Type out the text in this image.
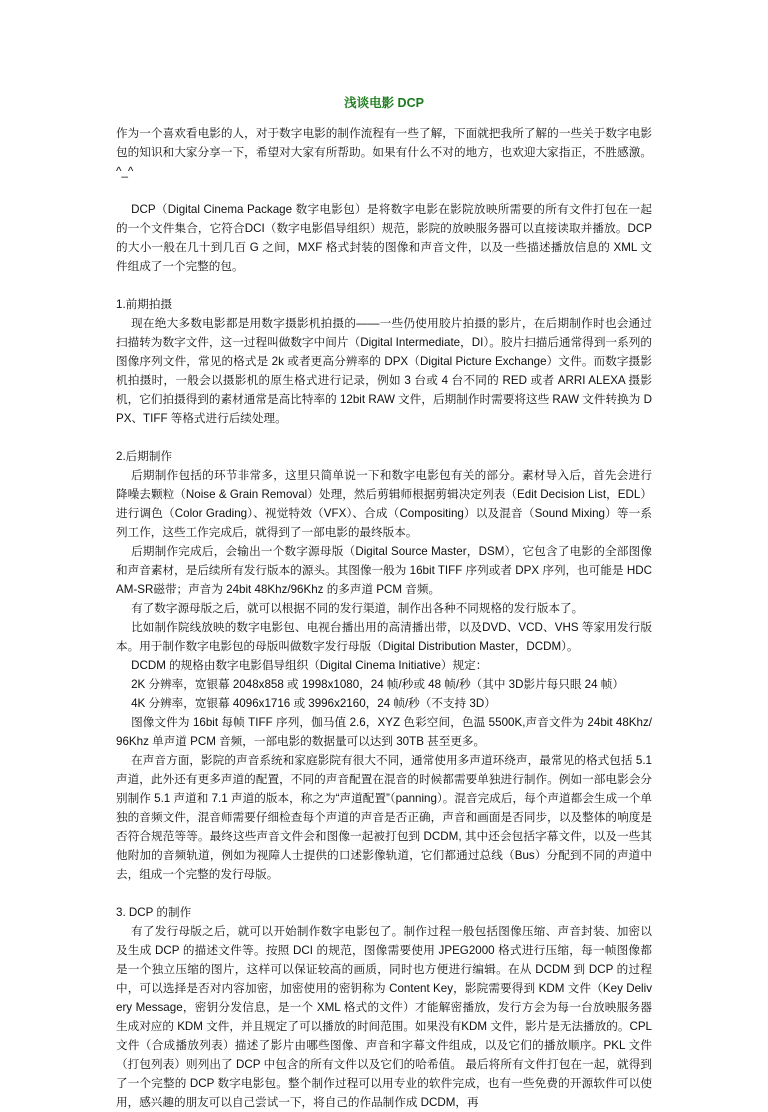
浅谈电影 DCP

作为一个喜欢看电影的人，对于数字电影的制作流程有一些了解，下面就把我所了解的一些关于数字电影包的知识和大家分享一下，希望对大家有所帮助。如果有什么不对的地方，也欢迎大家指正，不胜感激。^_^

DCP（Digital Cinema Package 数字电影包）是将数字电影在影院放映所需要的所有文件打包在一起的一个文件集合，它符合DCI（数字电影倡导组织）规范，影院的放映服务器可以直接读取并播放。DCP 的大小一般在几十到几百 G 之间，MXF 格式封装的图像和声音文件，以及一些描述播放信息的 XML 文件组成了一个完整的包。

1.前期拍摄

现在绝大多数电影都是用数字摄影机拍摄的——一些仍使用胶片拍摄的影片，在后期制作时也会通过扫描转为数字文件，这一过程叫做数字中间片（Digital Intermediate，DI）。胶片扫描后通常得到一系列的图像序列文件，常见的格式是 2k 或者更高分辨率的 DPX（Digital Picture Exchange）文件。而数字摄影机拍摄时，一般会以摄影机的原生格式进行记录，例如 3 台或 4 台不同的 RED 或者 ARRI ALEXA 摄影机，它们拍摄得到的素材通常是高比特率的 12bit RAW 文件，后期制作时需要将这些 RAW 文件转换为 DPX、TIFF 等格式进行后续处理。

2.后期制作

后期制作包括的环节非常多，这里只简单说一下和数字电影包有关的部分。素材导入后，首先会进行降噪去颗粒（Noise & Grain Removal）处理，然后剪辑师根据剪辑决定列表（Edit Decision List，EDL）进行调色（Color Grading）、视觉特效（VFX）、合成（Compositing）以及混音（Sound Mixing）等一系列工作，这些工作完成后，就得到了一部电影的最终版本。

后期制作完成后，会输出一个数字源母版（Digital Source Master，DSM），它包含了电影的全部图像和声音素材，是后续所有发行版本的源头。其图像一般为 16bit TIFF 序列或者 DPX 序列，也可能是 HDCAM-SR磁带；声音为 24bit 48Khz/96Khz 的多声道 PCM 音频。

有了数字源母版之后，就可以根据不同的发行渠道，制作出各种不同规格的发行版本了。

比如制作院线放映的数字电影包、电视台播出用的高清播出带，以及DVD、VCD、VHS 等家用发行版本。用于制作数字电影包的母版叫做数字发行母版（Digital Distribution Master，DCDM）。

DCDM 的规格由数字电影倡导组织（Digital Cinema Initiative）规定：

2K 分辨率，宽银幕 2048x858 或 1998x1080，24 帧/秒或 48 帧/秒（其中 3D影片每只眼 24 帧）

4K 分辨率，宽银幕 4096x1716 或 3996x2160，24 帧/秒（不支持 3D）

图像文件为 16bit 每帧 TIFF 序列，伽马值 2.6，XYZ 色彩空间，色温 5500K,声音文件为 24bit 48Khz/96Khz 单声道 PCM 音频，一部电影的数据量可以达到 30TB 甚至更多。

在声音方面，影院的声音系统和家庭影院有很大不同，通常使用多声道环绕声，最常见的格式包括 5.1 声道，此外还有更多声道的配置，不同的声音配置在混音的时候都需要单独进行制作。例如一部电影会分别制作 5.1 声道和 7.1 声道的版本，称之为“声道配置”（panning）。混音完成后，每个声道都会生成一个单独的音频文件，混音师需要仔细检查每个声道的声音是否正确，声音和画面是否同步，以及整体的响度是否符合规范等等。最终这些声音文件会和图像一起被打包到 DCDM, 其中还会包括字幕文件，以及一些其他附加的音频轨道，例如为视障人士提供的口述影像轨道，它们都通过总线（Bus）分配到不同的声道中去，组成一个完整的发行母版。

3. DCP 的制作

有了发行母版之后，就可以开始制作数字电影包了。制作过程一般包括图像压缩、声音封装、加密以及生成 DCP 的描述文件等。按照 DCI 的规范，图像需要使用 JPEG2000 格式进行压缩，每一帧图像都是一个独立压缩的图片，这样可以保证较高的画质，同时也方便进行编辑。在从 DCDM 到 DCP 的过程中，可以选择是否对内容加密，加密使用的密钥称为 Content Key，影院需要得到 KDM 文件（Key Delivery Message，密钥分发信息，是一个 XML 格式的文件）才能解密播放，发行方会为每一台放映服务器生成对应的 KDM 文件，并且规定了可以播放的时间范围。如果没有KDM 文件，影片是无法播放的。CPL 文件（合成播放列表）描述了影片由哪些图像、声音和字幕文件组成，以及它们的播放顺序。PKL 文件（打包列表）则列出了 DCP 中包含的所有文件以及它们的哈希值。 最后将所有文件打包在一起，就得到了一个完整的 DCP 数字电影包。整个制作过程可以用专业的软件完成，也有一些免费的开源软件可以使用，感兴趣的朋友可以自己尝试一下，将自己的作品制作成 DCDM，再
